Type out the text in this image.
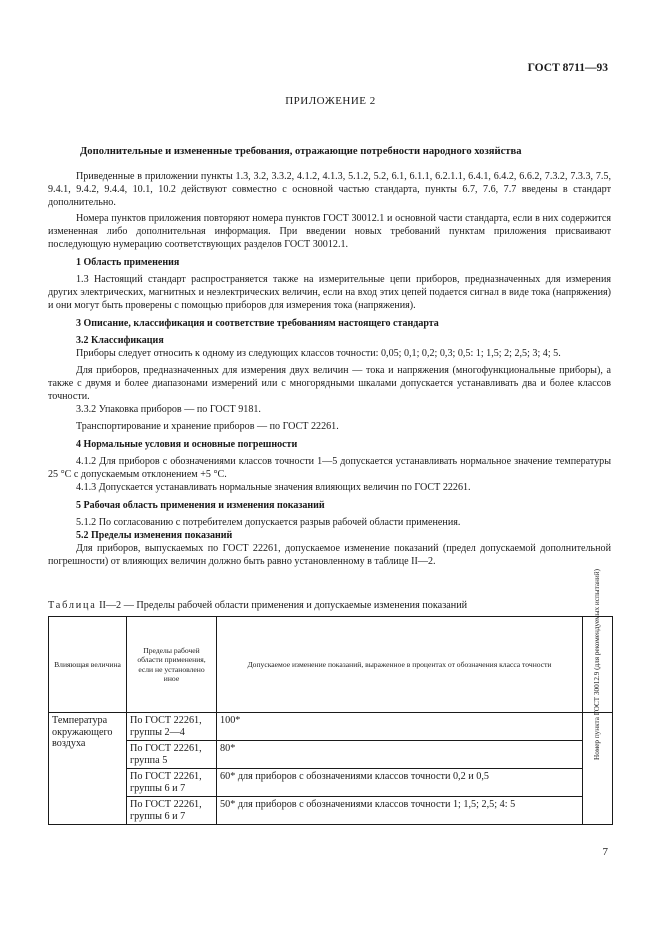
ГОСТ 8711—93
ПРИЛОЖЕНИЕ 2
Дополнительные и измененные требования, отражающие потребности народного хозяйства

Приведенные в приложении пункты 1.3, 3.2, 3.3.2, 4.1.2, 4.1.3, 5.1.2, 5.2, 6.1, 6.1.1, 6.2.1.1, 6.4.1, 6.4.2, 6.6.2, 7.3.2, 7.3.3, 7.5, 9.4.1, 9.4.2, 9.4.4, 10.1, 10.2 действуют совместно с основной частью стандарта, пункты 6.7, 7.6, 7.7 введены в стандарт дополнительно.

Номера пунктов приложения повторяют номера пунктов ГОСТ 30012.1 и основной части стандарта, если в них содержится измененная либо дополнительная информация. При введении новых требований пунктам приложения присваивают последующую нумерацию соответствующих разделов ГОСТ 30012.1.

1 Область применения

1.3 Настоящий стандарт распространяется также на измерительные цепи приборов, предназначенных для измерения других электрических, магнитных и неэлектрических величин, если на вход этих цепей подается сигнал в виде тока (напряжения) и они могут быть проверены с помощью приборов для измерения тока (напряжения).

3 Описание, классификация и соответствие требованиям настоящего стандарта
3.2 Классификация

Приборы следует относить к одному из следующих классов точности: 0,05; 0,1; 0,2; 0,3; 0,5: 1; 1,5; 2; 2,5; 3; 4; 5.

Для приборов, предназначенных для измерения двух величин — тока и напряжения (многофункциональные приборы), а также с двумя и более диапазонами измерений или с многорядными шкалами допускается устанавливать два и более классов точности.

3.3.2 Упаковка приборов — по ГОСТ 9181.

Транспортирование и хранение приборов — по ГОСТ 22261.

4 Нормальные условия и основные погрешности

4.1.2 Для приборов с обозначениями классов точности 1—5 допускается устанавливать нормальное значение температуры 25 °С с допускаемым отклонением +5 °С.

4.1.3 Допускается устанавливать нормальные значения влияющих величин по ГОСТ 22261.

5 Рабочая область применения и изменения показаний

5.1.2 По согласованию с потребителем допускается разрыв рабочей области применения.

5.2 Пределы изменения показаний

Для приборов, выпускаемых по ГОСТ 22261, допускаемое изменение показаний (предел допускаемой дополнительной погрешности) от влияющих величин должно быть равно установленному в таблице II—2.

Таблица II—2 — Пределы рабочей области применения и допускаемые изменения показаний
Влияющая величина	Пределы рабочей области применения, если не установлено иное	Допускаемое изменение показаний, выраженное в процентах от обозначения класса точности	Номер пункта ГОСТ 30012.9 (для рекомендуемых испытаний)

Температура окружающего воздуха	По ГОСТ 22261, группы 2—4	100*	
	По ГОСТ 22261, группа 5	80*	
	По ГОСТ 22261, группы 6 и 7	60* для приборов с обозначениями классов точности 0,2 и 0,5	
	По ГОСТ 22261, группы 6 и 7	50* для приборов с обозначениями классов точности 1; 1,5; 2,5; 4: 5	
7
